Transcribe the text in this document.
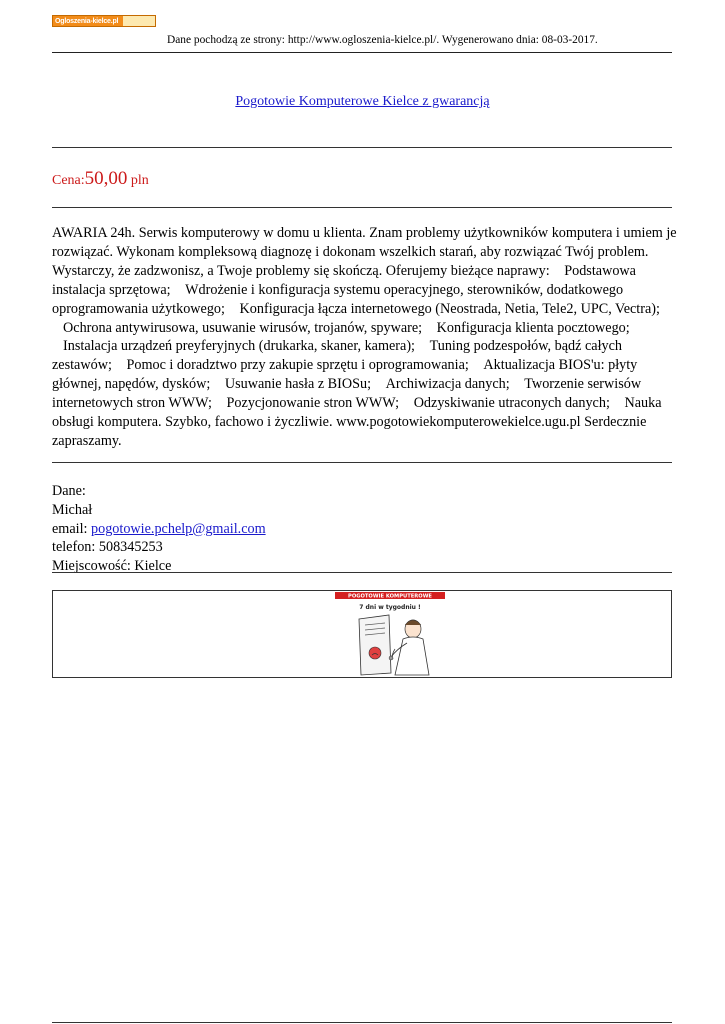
Ogloszenia-kielce.pl
Dane pochodzą ze strony: http://www.ogloszenia-kielce.pl/. Wygenerowano dnia: 08-03-2017.
Pogotowie Komputerowe Kielce z gwarancją
Cena:50,00 pln
AWARIA 24h. Serwis komputerowy w domu u klienta. Znam problemy użytkowników komputera i umiem je rozwiązać. Wykonam kompleksową diagnozę i dokonam wszelkich starań, aby rozwiązać Twój problem. Wystarczy, że zadzwonisz, a Twoje problemy się skończą. Oferujemy bieżące naprawy: Podstawowa instalacja sprzętowa; Wdrożenie i konfiguracja systemu operacyjnego, sterowników, dodatkowego oprogramowania użytkowego; Konfiguracja łącza internetowego (Neostrada, Netia, Tele2, UPC, Vectra); Ochrona antywirusowa, usuwanie wirusów, trojanów, spyware; Konfiguracja klienta pocztowego; Instalacja urządzeń preyferyjnych (drukarka, skaner, kamera); Tuning podzespołów, bądź całych zestawów; Pomoc i doradztwo przy zakupie sprzętu i oprogramowania; Aktualizacja BIOS'u: płyty głównej, napędów, dysków; Usuwanie hasła z BIOSu; Archiwizacja danych; Tworzenie serwisów internetowych stron WWW; Pozycjonowanie stron WWW; Odzyskiwanie utraconych danych; Nauka obsługi komputera. Szybko, fachowo i życzliwie. www.pogotowiekomputerowekielce.ugu.pl Serdecznie zapraszamy.
Dane:
Michał
email: pogotowie.pchelp@gmail.com
telefon: 508345253
Miejscowość: Kielce
POGOTOWIE KOMPUTEROWE
7 dni w tygodniu !
